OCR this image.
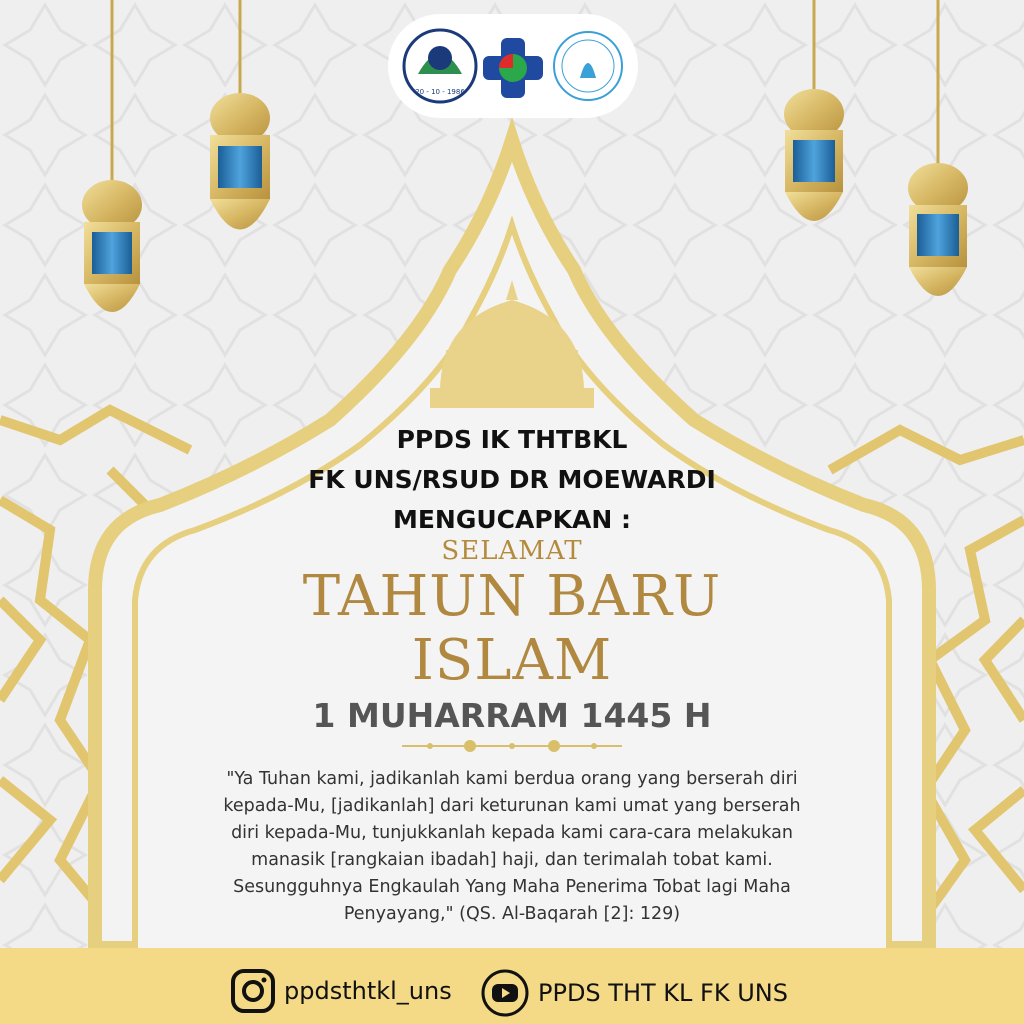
20 - 10 - 1986
PPDS IK THTBKL
FK UNS/RSUD DR MOEWARDI
MENGUCAPKAN :
SELAMAT
TAHUN BARU
ISLAM
1 MUHARRAM 1445 H
"Ya Tuhan kami, jadikanlah kami berdua orang yang berserah diri
kepada-Mu, [jadikanlah] dari keturunan kami umat yang berserah
diri kepada-Mu, tunjukkanlah kepada kami cara-cara melakukan
manasik [rangkaian ibadah] haji, dan terimalah tobat kami.
Sesungguhnya Engkaulah Yang Maha Penerima Tobat lagi Maha
Penyayang," (QS. Al-Baqarah [2]: 129)
ppdsthtkl_uns	PPDS THT KL FK UNS
